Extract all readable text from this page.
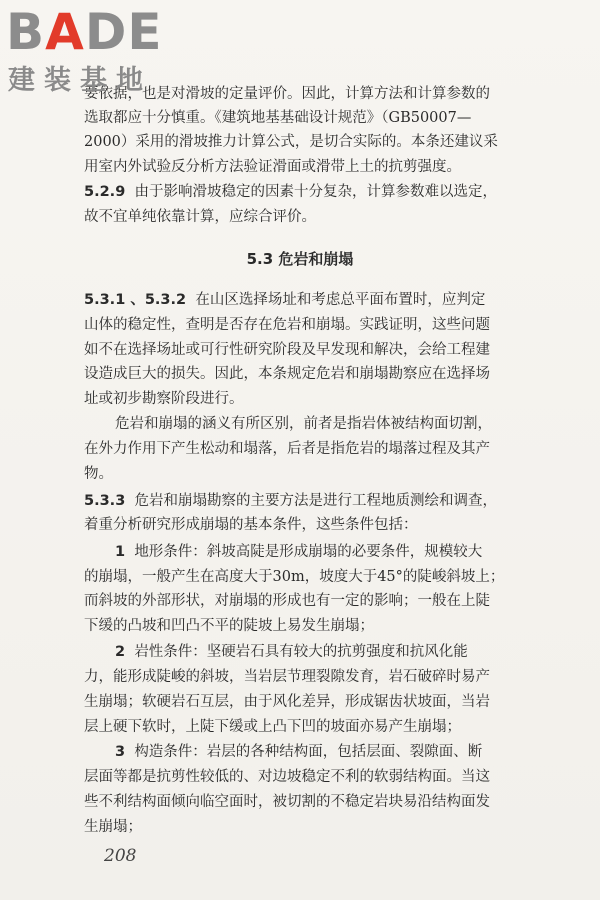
BADE
建装基地
要依据，也是对滑坡的定量评价。因此，计算方法和计算参数的
选取都应十分慎重。《建筑地基基础设计规范》（GB50007—
2000）采用的滑坡推力计算公式，是切合实际的。本条还建议采
用室内外试验反分析方法验证滑面或滑带上土的抗剪强度。
5.2.9 由于影响滑坡稳定的因素十分复杂，计算参数难以选定，
故不宜单纯依靠计算，应综合评价。
5.3 危岩和崩塌
5.3.1 、5.3.2 在山区选择场址和考虑总平面布置时，应判定
山体的稳定性，查明是否存在危岩和崩塌。实践证明，这些问题
如不在选择场址或可行性研究阶段及早发现和解决，会给工程建
设造成巨大的损失。因此，本条规定危岩和崩塌勘察应在选择场
址或初步勘察阶段进行。
危岩和崩塌的涵义有所区别，前者是指岩体被结构面切割，
在外力作用下产生松动和塌落，后者是指危岩的塌落过程及其产
物。
5.3.3 危岩和崩塌勘察的主要方法是进行工程地质测绘和调查，
着重分析研究形成崩塌的基本条件，这些条件包括：
1 地形条件：斜坡高陡是形成崩塌的必要条件，规模较大
的崩塌，一般产生在高度大于30m，坡度大于45°的陡峻斜坡上；
而斜坡的外部形状，对崩塌的形成也有一定的影响；一般在上陡
下缓的凸坡和凹凸不平的陡坡上易发生崩塌；
2 岩性条件：坚硬岩石具有较大的抗剪强度和抗风化能
力，能形成陡峻的斜坡，当岩层节理裂隙发育，岩石破碎时易产
生崩塌；软硬岩石互层，由于风化差异，形成锯齿状坡面，当岩
层上硬下软时，上陡下缓或上凸下凹的坡面亦易产生崩塌；
3 构造条件：岩层的各种结构面，包括层面、裂隙面、断
层面等都是抗剪性较低的、对边坡稳定不利的软弱结构面。当这
些不利结构面倾向临空面时，被切割的不稳定岩块易沿结构面发
生崩塌；
208
